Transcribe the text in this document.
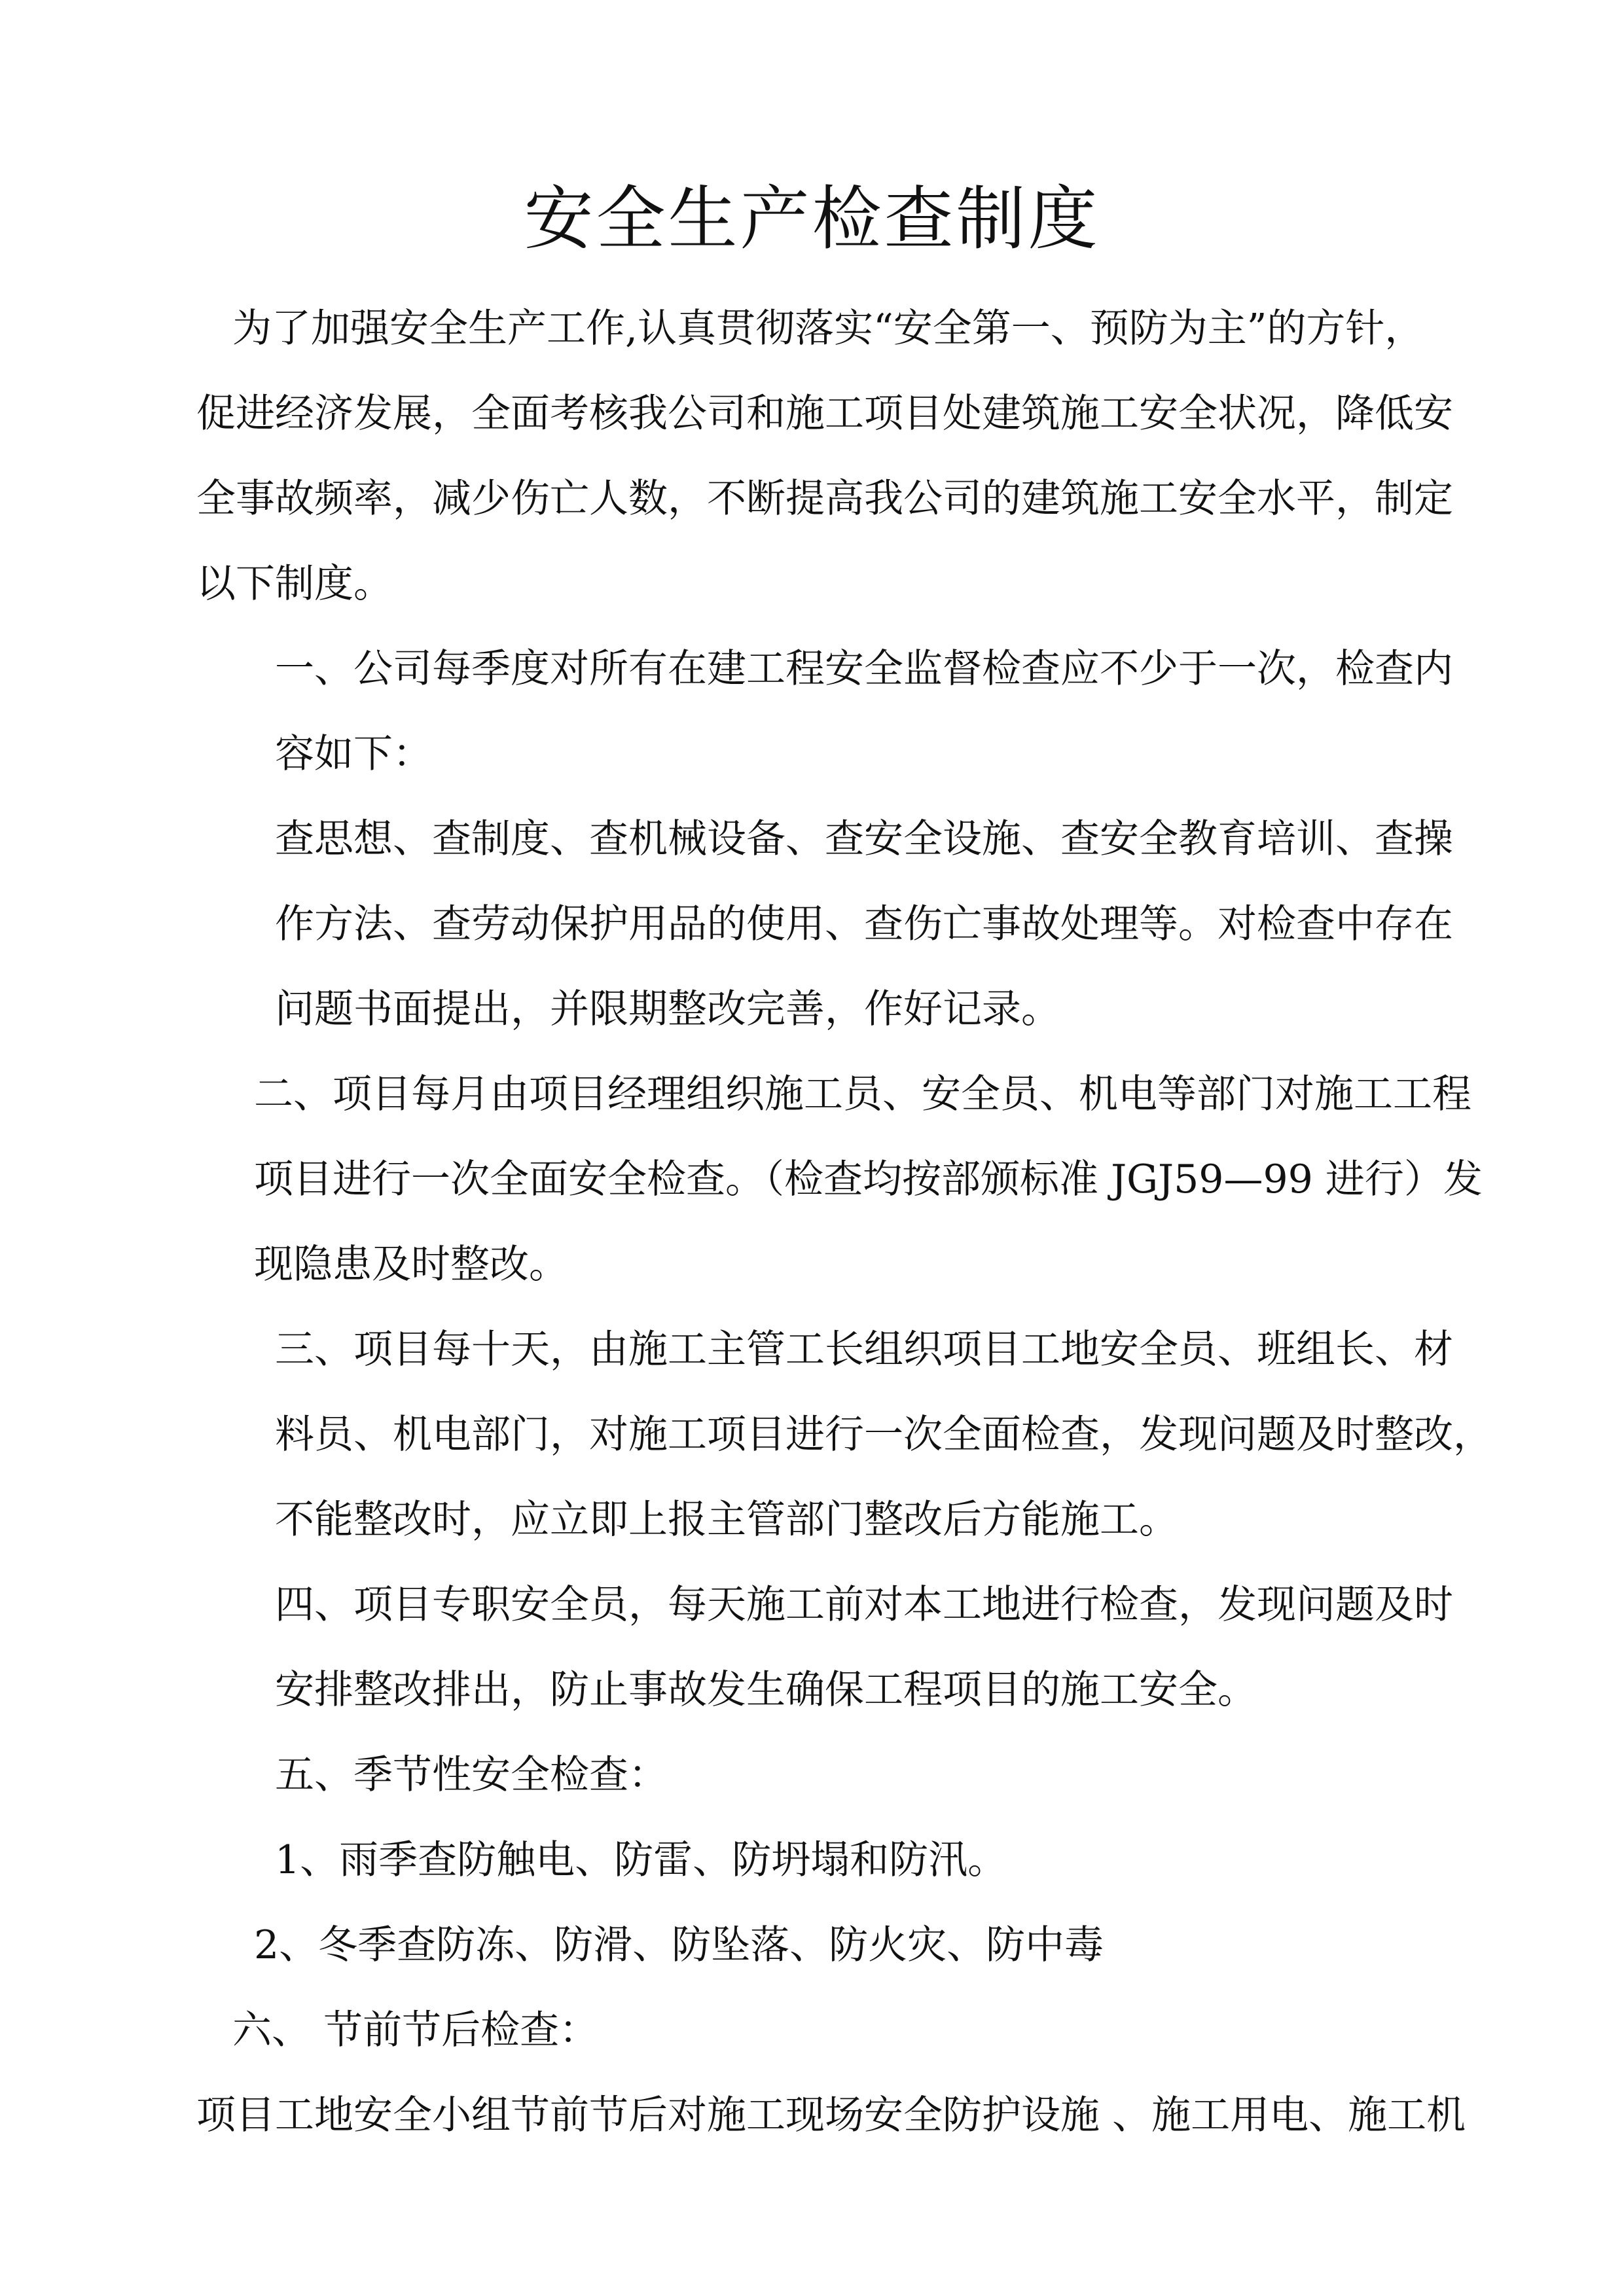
安全生产检查制度
为了加强安全生产工作,认真贯彻落实“安全第一、预防为主”的方针，
促进经济发展，全面考核我公司和施工项目处建筑施工安全状况，降低安
全事故频率，减少伤亡人数，不断提高我公司的建筑施工安全水平，制定
以下制度。
一、公司每季度对所有在建工程安全监督检查应不少于一次，检查内
容如下：
查思想、查制度、查机械设备、查安全设施、查安全教育培训、查操
作方法、查劳动保护用品的使用、查伤亡事故处理等。对检查中存在
问题书面提出，并限期整改完善，作好记录。
二、项目每月由项目经理组织施工员、安全员、机电等部门对施工工程
项目进行一次全面安全检查。（检查均按部颁标准 JGJ59—99 进行）发
现隐患及时整改。
三、项目每十天，由施工主管工长组织项目工地安全员、班组长、材
料员、机电部门，对施工项目进行一次全面检查，发现问题及时整改，
不能整改时，应立即上报主管部门整改后方能施工。
四、项目专职安全员，每天施工前对本工地进行检查，发现问题及时
安排整改排出，防止事故发生确保工程项目的施工安全。
五、季节性安全检查：
1、雨季查防触电、防雷、防坍塌和防汛。
2、冬季查防冻、防滑、防坠落、防火灾、防中毒
六、 节前节后检查：
项目工地安全小组节前节后对施工现场安全防护设施 、施工用电、施工机
